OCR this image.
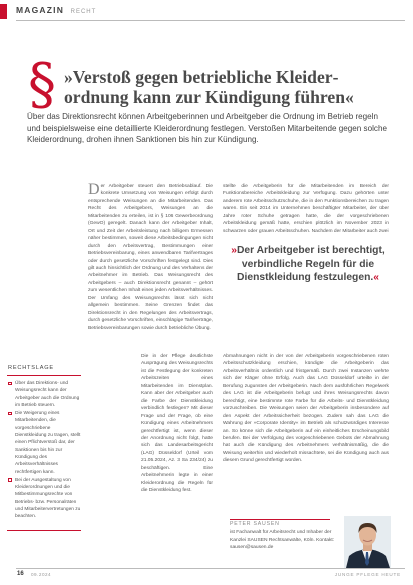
MAGAZIN RECHT
§ »Verstoß gegen betriebliche Kleiderordnung kann zur Kündigung führen«

Über das Direktionsrecht können Arbeitgeberinnen und Arbeitgeber die Ordnung im Betrieb regeln und beispielsweise eine detaillierte Kleiderordnung festlegen. Verstoßen Mitarbeitende gegen solche Kleiderordnung, drohen ihnen Sanktionen bis hin zur Kündigung.

Der Arbeitgeber steuert den Betriebsablauf. Die konkrete Umsetzung von Weisungen erfolgt durch entsprechende Weisungen an die Mitarbeitenden. Das Recht des Arbeitgebers, Weisungen an die Mitarbeitenden zu erteilen, ist in § 106 Gewerbeordnung (GewO) geregelt. Danach kann der Arbeitgeber Inhalt, Ort und Zeit der Arbeitsleistung nach billigem Ermessen näher bestimmen, soweit diese Arbeitsbedingungen nicht durch den Arbeitsvertrag, Bestimmungen einer Betriebsvereinbarung, eines anwendbaren Tarifvertrages oder durch gesetzliche Vorschriften festgelegt sind. Dies gilt auch hinsichtlich der Ordnung und des Verhaltens der Arbeitnehmer im Betrieb. Das Weisungsrecht des Arbeitgebers – auch Direktionsrecht genannt – gehört zum wesentlichen Inhalt eines jeden Arbeitsverhältnisses. Der Umfang des Weisungsrechts lässt sich nicht allgemein bestimmen. Seine Grenzen findet das Direktionsrecht in den Regelungen des Arbeitsvertrags, durch gesetzliche Vorschriften, einschlägige Tarifverträge, Betriebsvereinbarungen sowie durch betriebliche Übung.
Die in der Pflege deutlichste Ausprägung des Weisungsrechts ist die Festlegung der konkreten Arbeitszeiten eines Mitarbeitenden im Dienstplan. Kann aber der Arbeitgeber auch die Farbe der Dienstkleidung verbindlich festlegen? Mit dieser Frage und der Frage, ob eine Kündigung eines Arbeitnehmers gerechtfertigt ist, wenn dieser der Anordnung nicht folgt, hatte sich das Landesarbeitsgericht (LAG) Düsseldorf (Urteil vom 21.05.2024, Az. 3 Sa 234/24) zu beschäftigen. Eine Arbeitnehmerin legte in einer Kleiderordnung die Regeln für die Dienstkleidung fest.
stellte die Arbeitgeberin für die Mitarbeitenden im Bereich der Funktionsbereiche Arbeitskleidung zur Verfügung. Dazu gehörten unter anderem rote Arbeitsschutzschuhe, die in den Funktionsbereichen zu tragen waren. Ein seit 2014 im Unternehmen beschäftigter Mitarbeiter, der über Jahre roter Schuhe getragen hatte, die der vorgeschriebenen Arbeitskleidung gemäß hatte, erschien plötzlich im November 2023 in schwarzen oder grauen Arbeitsschuhen. Nachdem der Mitarbeiter auch zwei
»Der Arbeitgeber ist berechtigt, verbindliche Regeln für die Dienstkleidung festzulegen.«
Abmahnungen nicht in der von der Arbeitgeberin vorgeschriebenen roten Arbeitsschutzkleidung erschien, kündigte die Arbeitgeberin das Arbeitsverhältnis ordentlich und fristgemäß. Durch zwei Instanzen wehrte sich der Kläger ohne Erfolg. Auch das LAG Düsseldorf urteilte in der Berufung zugunsten der Arbeitgeberin. Nach dem ausführlichen Regelwerk des LAG ist die Arbeitgeberin befugt und ihres Weisungsrechts davon berechtigt, eine bestimmte rote Farbe für die Arbeits- und Dienstkleidung vorzuschreiben. Die Weisungen seien der Arbeitgeberin insbesondere auf den Aspekt der Arbeitssicherheit bezogen. Zudem sah das LAG die Wahrung der »Corporate Identity« im Betrieb als schutzwürdiges Interesse an. So könne sich die Arbeitgeberin auf ein einheitliches Erscheinungsbild berufen. Bei der Verfolgung des vorgeschriebenen Gebots der Abmahnung hat auch die Kündigung des Arbeitnehmers verhältnismäßig, die die Weisung weiterhin und wiederholt missachtete, sei die Kündigung auch aus diesem Grund gerechtfertigt worden.
RECHTSLAGE
Über das Direktions- und Weisungsrecht kann der Arbeitgeber auch die Ordnung im Betrieb steuern.
Die Weigerung eines Mitarbeitenden, die vorgeschriebene Dienstkleidung zu tragen, stellt einen Pflichtverstoß dar, der Sanktionen bis hin zur Kündigung des Arbeitsverhältnisses rechtfertigen kann.
Bei der Ausgestaltung von Kleiderordnungen und die Mitbestimmungsrechte von Betriebs- bzw. Personalräten und Mitarbeitervertretungen zu beachten.
PETER SAUSEN

ist Fachanwalt für Arbeitsrecht und Inhaber der Kanzlei SAUSEN Rechtsanwälte, Köln. Kontakt: sausen@sausen.de

16 09.2024	JUNGE PFLEGE HEUTE
